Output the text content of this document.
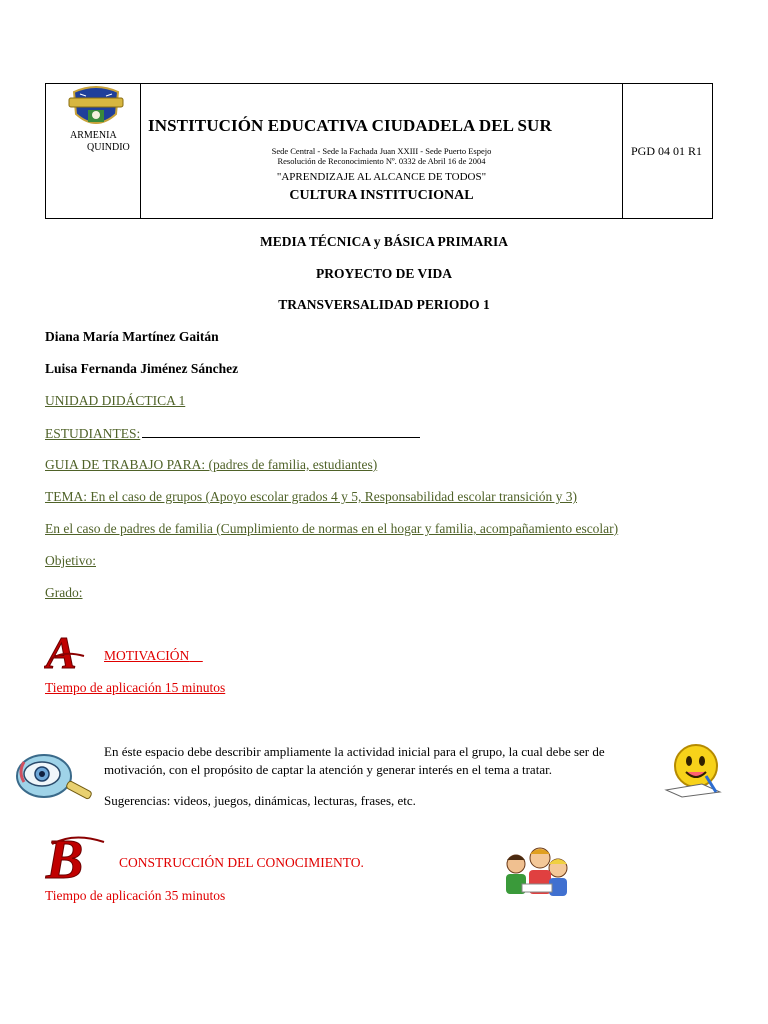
ARMENIA
QUINDIO
INSTITUCIÓN EDUCATIVA CIUDADELA DEL SUR
Sede Central - Sede la Fachada Juan XXIII - Sede Puerto Espejo
Resolución de Reconocimiento Nº. 0332 de Abril 16 de 2004
"APRENDIZAJE AL ALCANCE DE TODOS"
CULTURA INSTITUCIONAL
PGD 04 01 R1
MEDIA TÉCNICA y BÁSICA PRIMARIA
PROYECTO DE VIDA
TRANSVERSALIDAD PERIODO 1
Diana María Martínez Gaitán
Luisa Fernanda Jiménez Sánchez
UNIDAD DIDÁCTICA 1
ESTUDIANTES:
GUIA DE TRABAJO PARA: (padres de familia, estudiantes)
TEMA: En el caso de grupos (Apoyo escolar grados 4 y 5, Responsabilidad escolar transición y 3)
En el caso de padres de familia (Cumplimiento de normas en el hogar y familia, acompañamiento escolar)
Objetivo:
Grado:
A MOTIVACIÓN
Tiempo de aplicación 15 minutos
En éste espacio debe describir ampliamente la actividad inicial para el grupo, la cual debe ser de motivación, con el propósito de captar la atención y generar interés en el tema a tratar.
Sugerencias: videos, juegos, dinámicas, lecturas, frases, etc.
B	CONSTRUCCIÓN DEL CONOCIMIENTO.
Tiempo de aplicación 35 minutos
